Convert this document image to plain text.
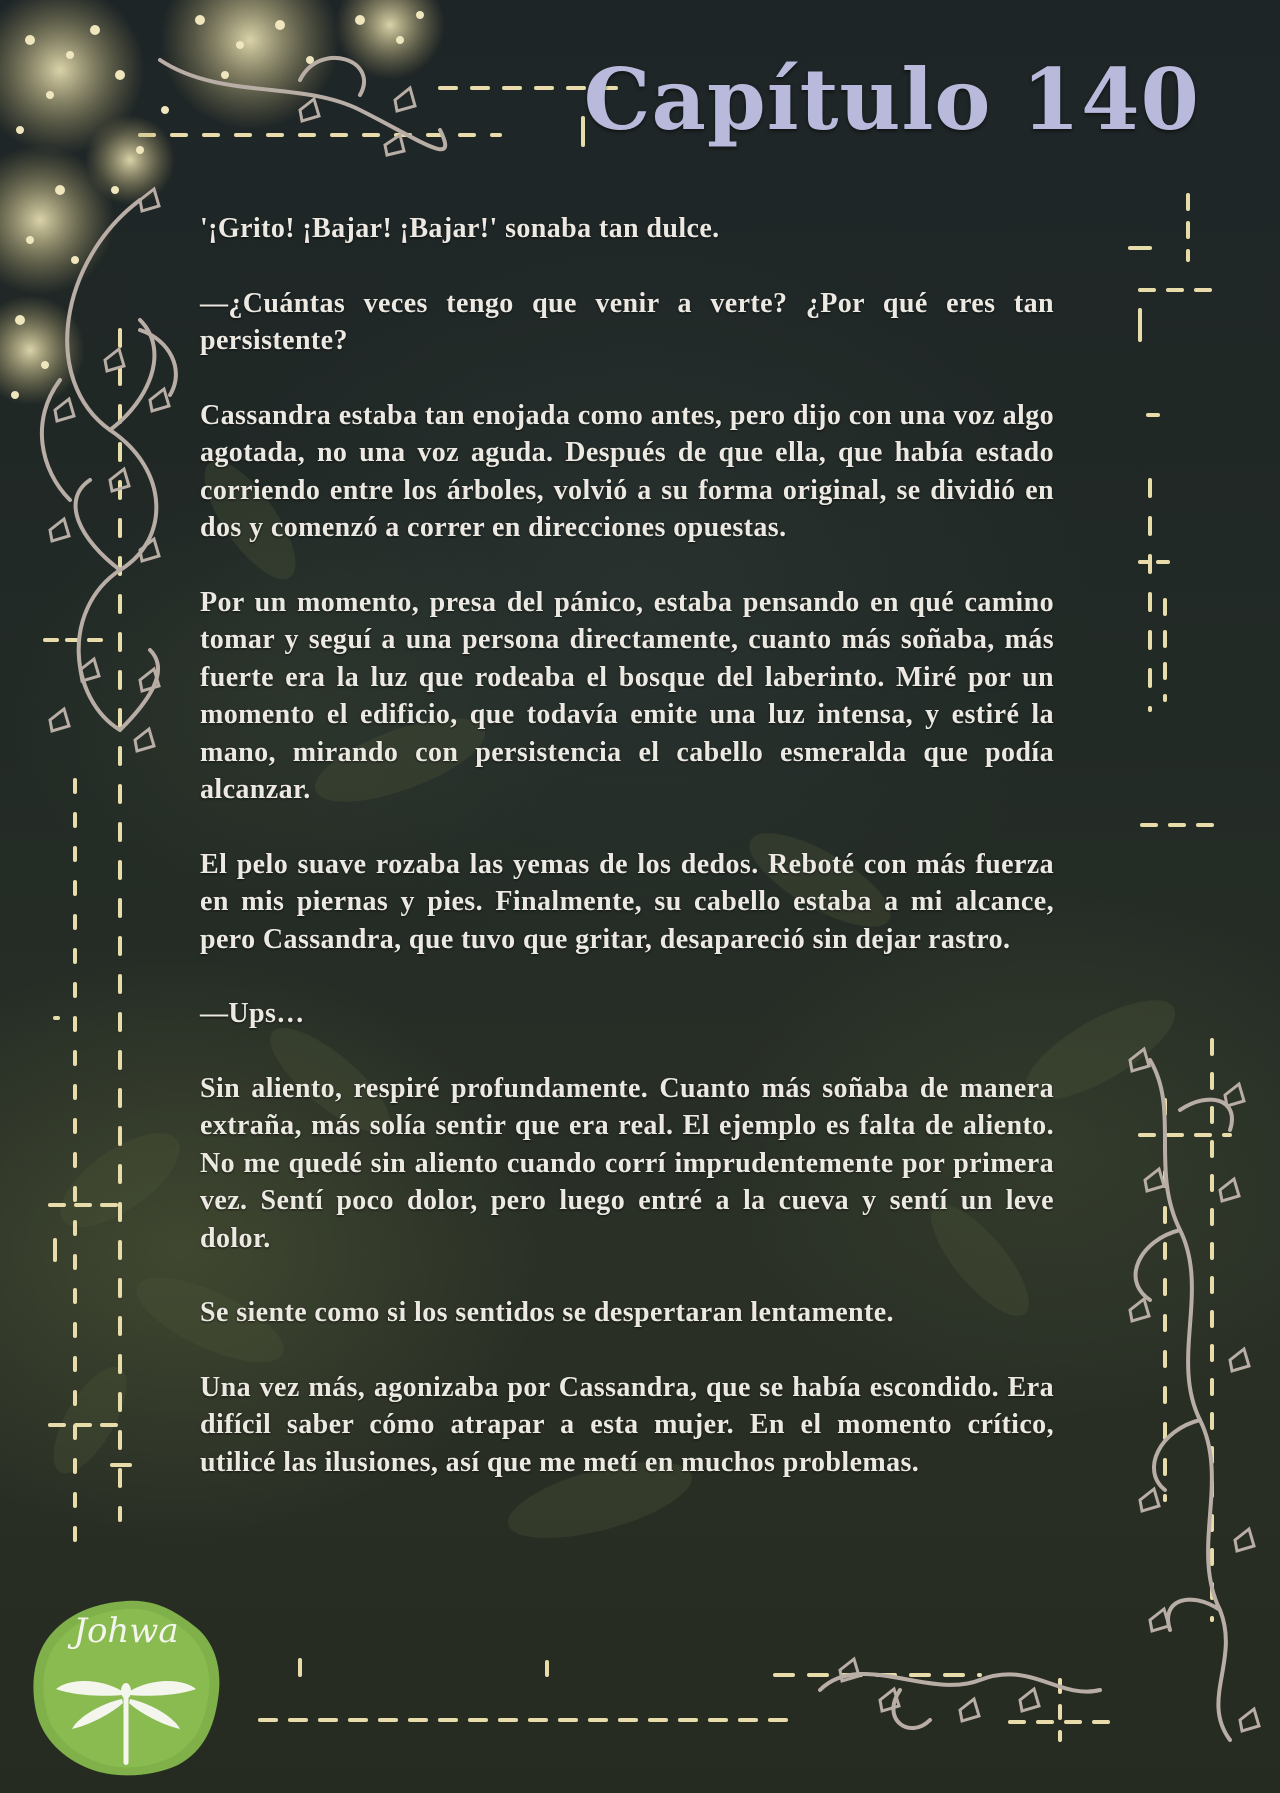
Capítulo 140

'¡Grito! ¡Bajar! ¡Bajar!' sonaba tan dulce.

—¿Cuántas veces tengo que venir a verte? ¿Por qué eres tan persistente?

Cassandra estaba tan enojada como antes, pero dijo con una voz algo agotada, no una voz aguda. Después de que ella, que había estado corriendo entre los árboles, volvió a su forma original, se dividió en dos y comenzó a correr en direcciones opuestas.

Por un momento, presa del pánico, estaba pensando en qué camino tomar y seguí a una persona directamente, cuanto más soñaba, más fuerte era la luz que rodeaba el bosque del laberinto. Miré por un momento el edificio, que todavía emite una luz intensa, y estiré la mano, mirando con persistencia el cabello esmeralda que podía alcanzar.

El pelo suave rozaba las yemas de los dedos. Reboté con más fuerza en mis piernas y pies. Finalmente, su cabello estaba a mi alcance, pero Cassandra, que tuvo que gritar, desapareció sin dejar rastro.

—Ups…

Sin aliento, respiré profundamente. Cuanto más soñaba de manera extraña, más solía sentir que era real. El ejemplo es falta de aliento. No me quedé sin aliento cuando corrí imprudentemente por primera vez. Sentí poco dolor, pero luego entré a la cueva y sentí un leve dolor.

Se siente como si los sentidos se despertaran lentamente.

Una vez más, agonizaba por Cassandra, que se había escondido. Era difícil saber cómo atrapar a esta mujer. En el momento crítico, utilicé las ilusiones, así que me metí en muchos problemas.

Johwa
